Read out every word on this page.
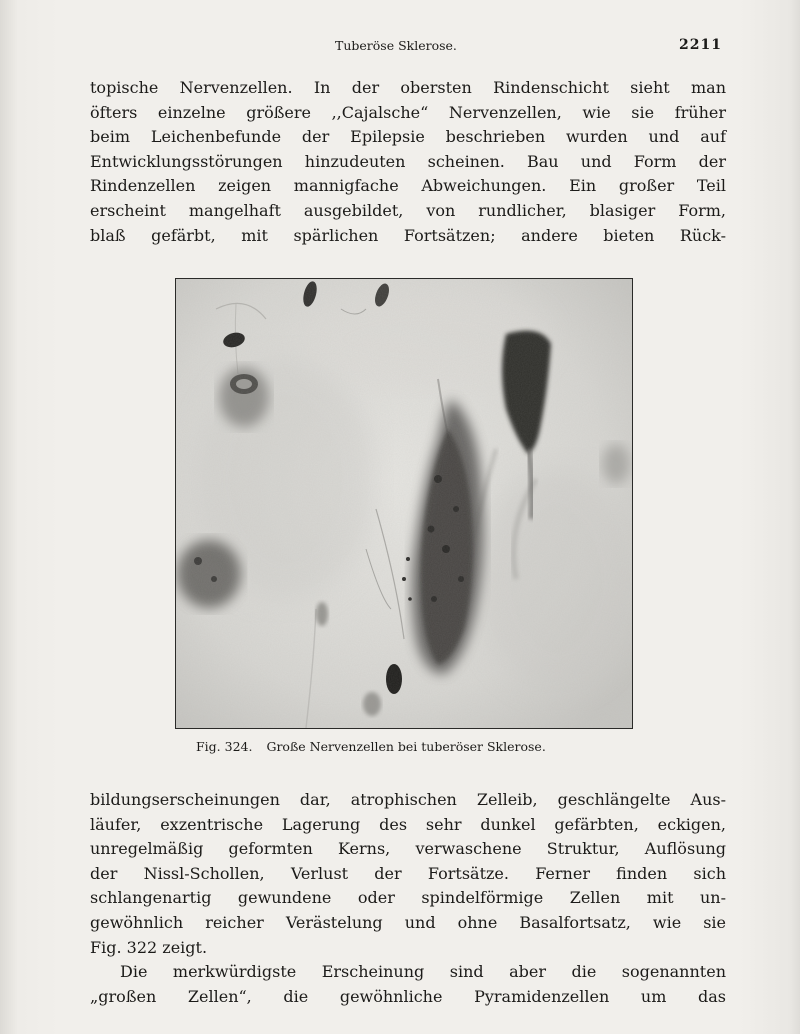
Tuberöse Sklerose.	2211
topische Nervenzellen. In der obersten Rindenschicht sieht man
öfters einzelne größere ,,Cajalsche“ Nervenzellen, wie sie früher
beim Leichenbefunde der Epilepsie beschrieben wurden und auf
Entwicklungsstörungen hinzudeuten scheinen. Bau und Form der
Rindenzellen zeigen mannigfache Abweichungen. Ein großer Teil
erscheint mangelhaft ausgebildet, von rundlicher, blasiger Form,
blaß gefärbt, mit spärlichen Fortsätzen; andere bieten Rück-
Fig. 324. Große Nervenzellen bei tuberöser Sklerose.
bildungserscheinungen dar, atrophischen Zelleib, geschlängelte Aus-
läufer, exzentrische Lagerung des sehr dunkel gefärbten, eckigen,
unregelmäßig geformten Kerns, verwaschene Struktur, Auflösung
der Nissl-Schollen, Verlust der Fortsätze. Ferner finden sich
schlangenartig gewundene oder spindelförmige Zellen mit un-
gewöhnlich reicher Verästelung und ohne Basalfortsatz, wie sie
Fig. 322 zeigt.
Die merkwürdigste Erscheinung sind aber die sogenannten
„großen Zellen“, die gewöhnliche Pyramidenzellen um das
